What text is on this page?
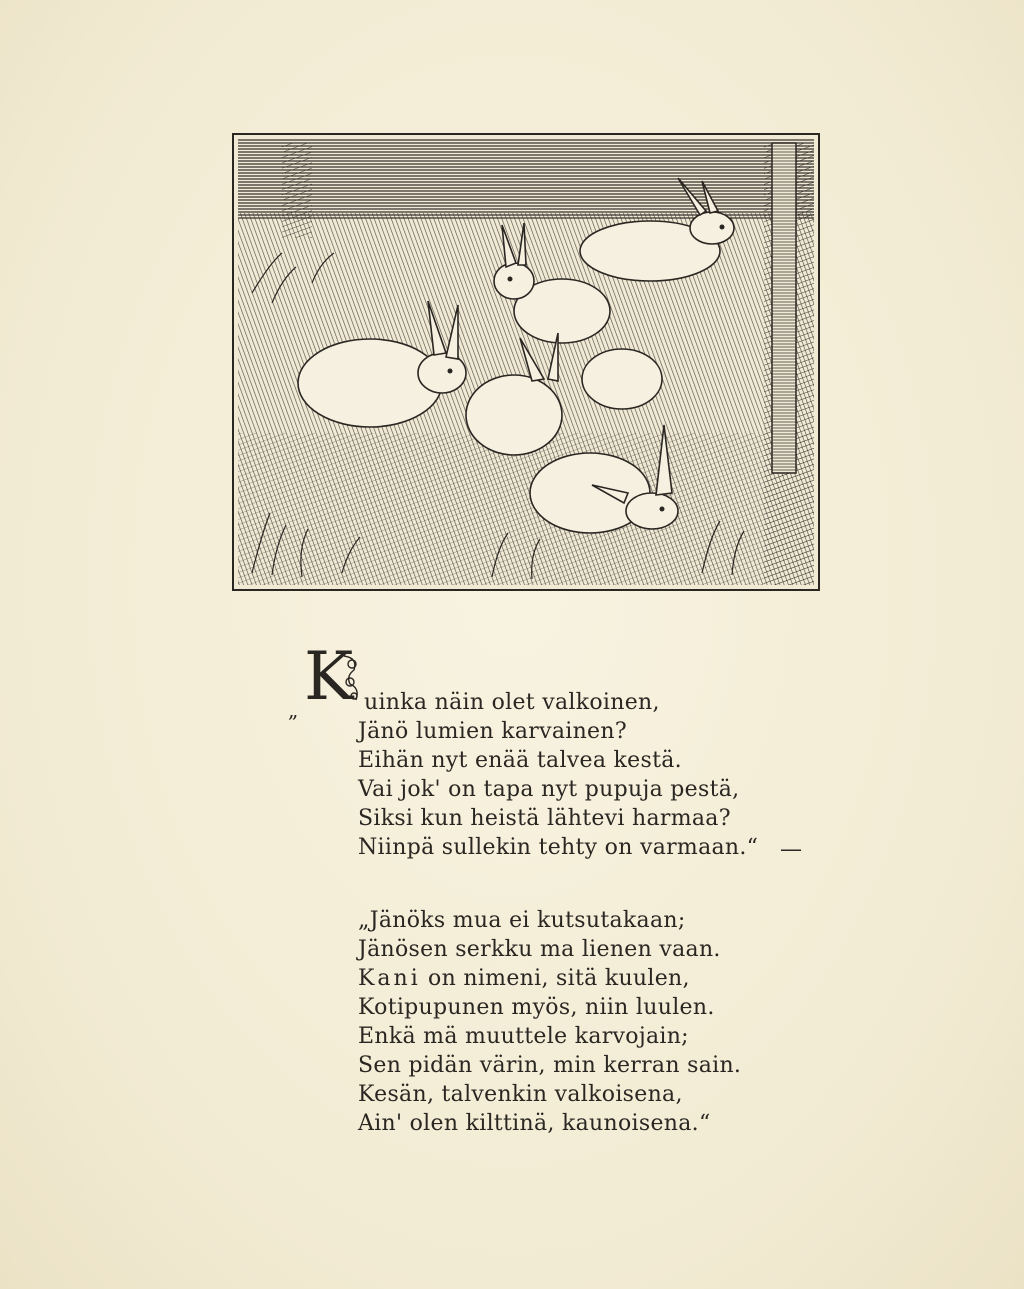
„ K uinka näin olet valkoinen,
Jänö lumien karvainen?
Eihän nyt enää talvea kestä.
Vai jok' on tapa nyt pupuja pestä,
Siksi kun heistä lähtevi harmaa?
Niinpä sullekin tehty on varmaan.“ —
„Jänöks mua ei kutsutakaan;
Jänösen serkku ma lienen vaan.
Kani on nimeni, sitä kuulen,
Kotipupunen myös, niin luulen.
Enkä mä muuttele karvojain;
Sen pidän värin, min kerran sain.
Kesän, talvenkin valkoisena,
Ain' olen kilttinä, kaunoisena.“
